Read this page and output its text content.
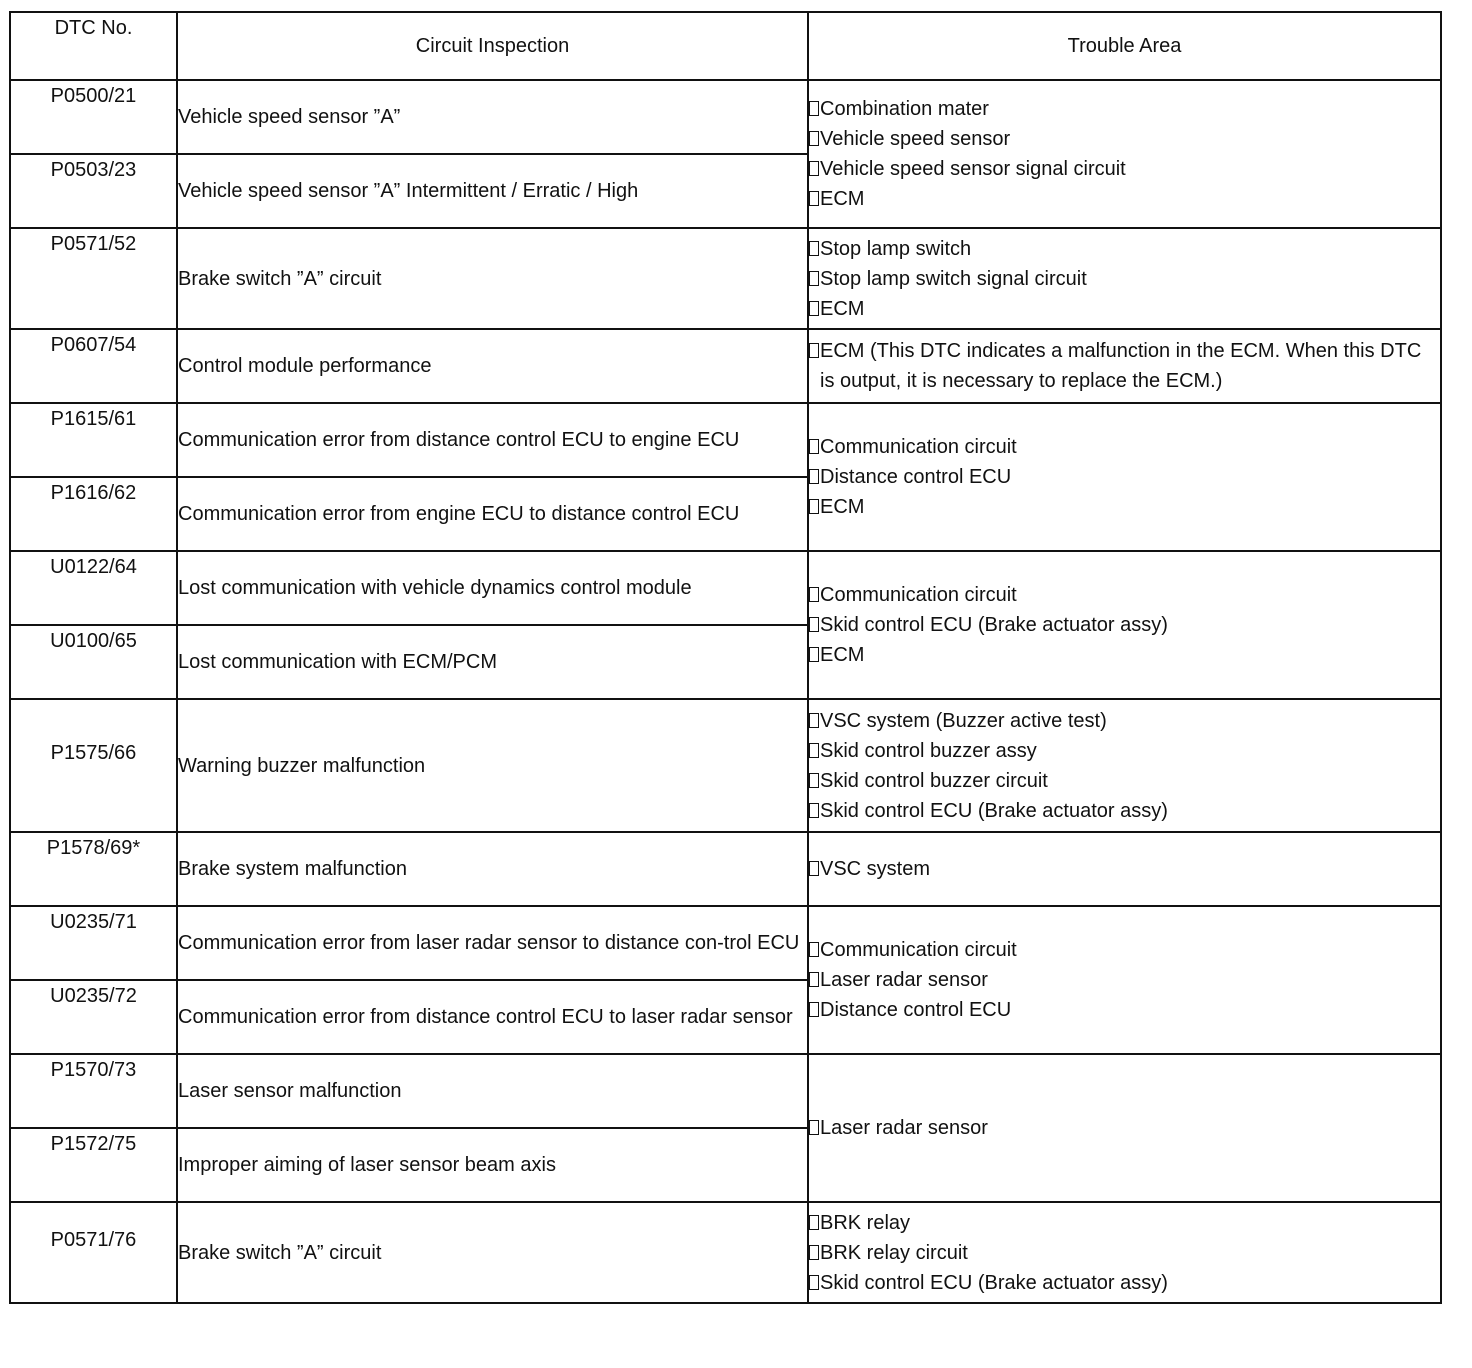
DTC No.	Circuit Inspection	Trouble Area
P0500/21	Vehicle speed sensor ”A”	Combination mater
Vehicle speed sensor
Vehicle speed sensor signal circuit
ECM

P0503/23	Vehicle speed sensor ”A” Intermittent / Erratic / High	
P0571/52	Brake switch ”A” circuit	Stop lamp switch
Stop lamp switch signal circuit
ECM

P0607/54	Control module performance	ECM (This DTC indicates a malfunction in the ECM. When this DTC is output, it is necessary to replace the ECM.)

P1615/61	Communication error from distance control ECU to engine ECU	Communication circuit
Distance control ECU
ECM

P1616/62	Communication error from engine ECU to distance control ECU	
U0122/64	Lost communication with vehicle dynamics control module	Communication circuit
Skid control ECU (Brake actuator assy)
ECM

U0100/65	Lost communication with ECM/PCM	
P1575/66	Warning buzzer malfunction	VSC system (Buzzer active test)
Skid control buzzer assy
Skid control buzzer circuit
Skid control ECU (Brake actuator assy)

P1578/69*	Brake system malfunction	VSC system

U0235/71	Communication error from laser radar sensor to distance con-trol ECU	Communication circuit
Laser radar sensor
Distance control ECU

U0235/72	Communication error from distance control ECU to laser radar sensor	
P1570/73	Laser sensor malfunction	Laser radar sensor

P1572/75	Improper aiming of laser sensor beam axis	
P0571/76	Brake switch ”A” circuit	BRK relay
BRK relay circuit
Skid control ECU (Brake actuator assy)
